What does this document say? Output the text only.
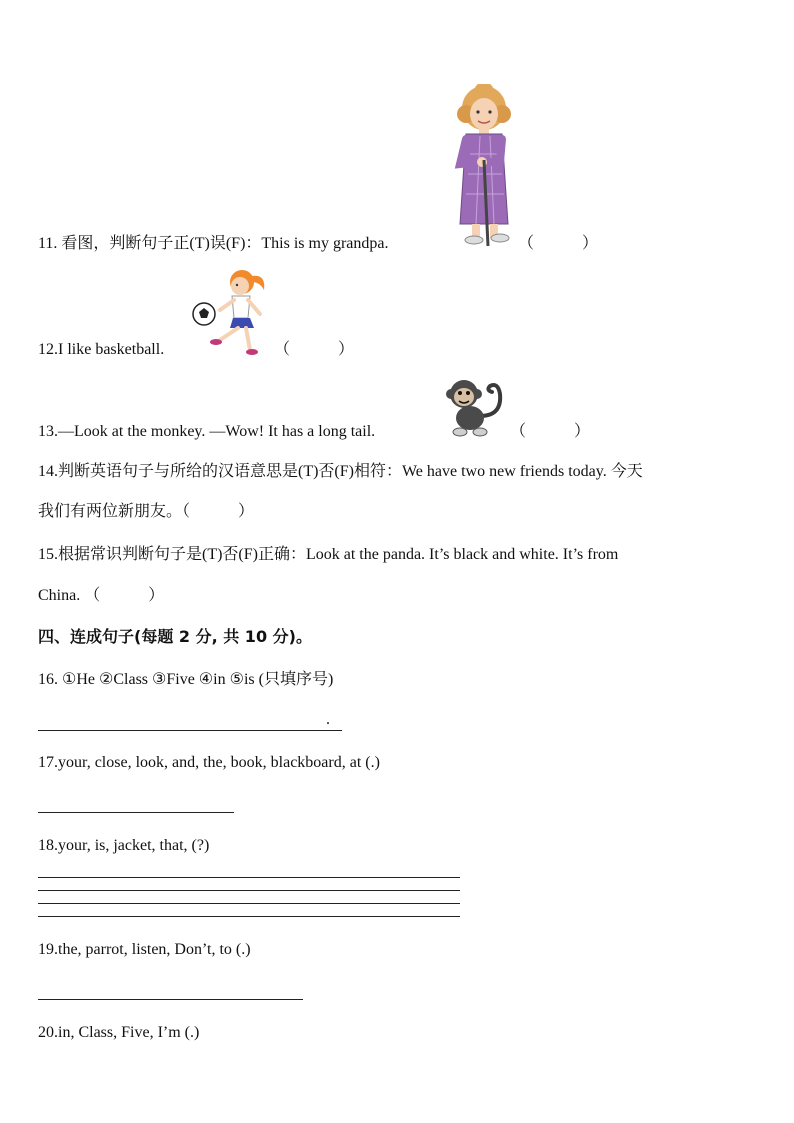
11. 看图，判断句子正(T)误(F)：This is my grandpa.	（　　　）
12.I like basketball.	（　　　）
13.—Look at the monkey. —Wow! It has a long tail.	（　　　）
14.判断英语句子与所给的汉语意思是(T)否(F)相符：We have two new friends today. 今天
我们有两位新朋友。（　　　）
15.根据常识判断句子是(T)否(F)正确：Look at the panda. It’s black and white. It’s from
China. （　　　）
四、连成句子(每题 2 分, 共 10 分)。
16. ①He ②Class ③Five ④in ⑤is (只填序号)
.
17.your, close, look, and, the, book, blackboard, at (.)
18.your, is, jacket, that, (?)
19.the, parrot, listen, Don’t, to (.)
20.in, Class, Five, I’m (.)
